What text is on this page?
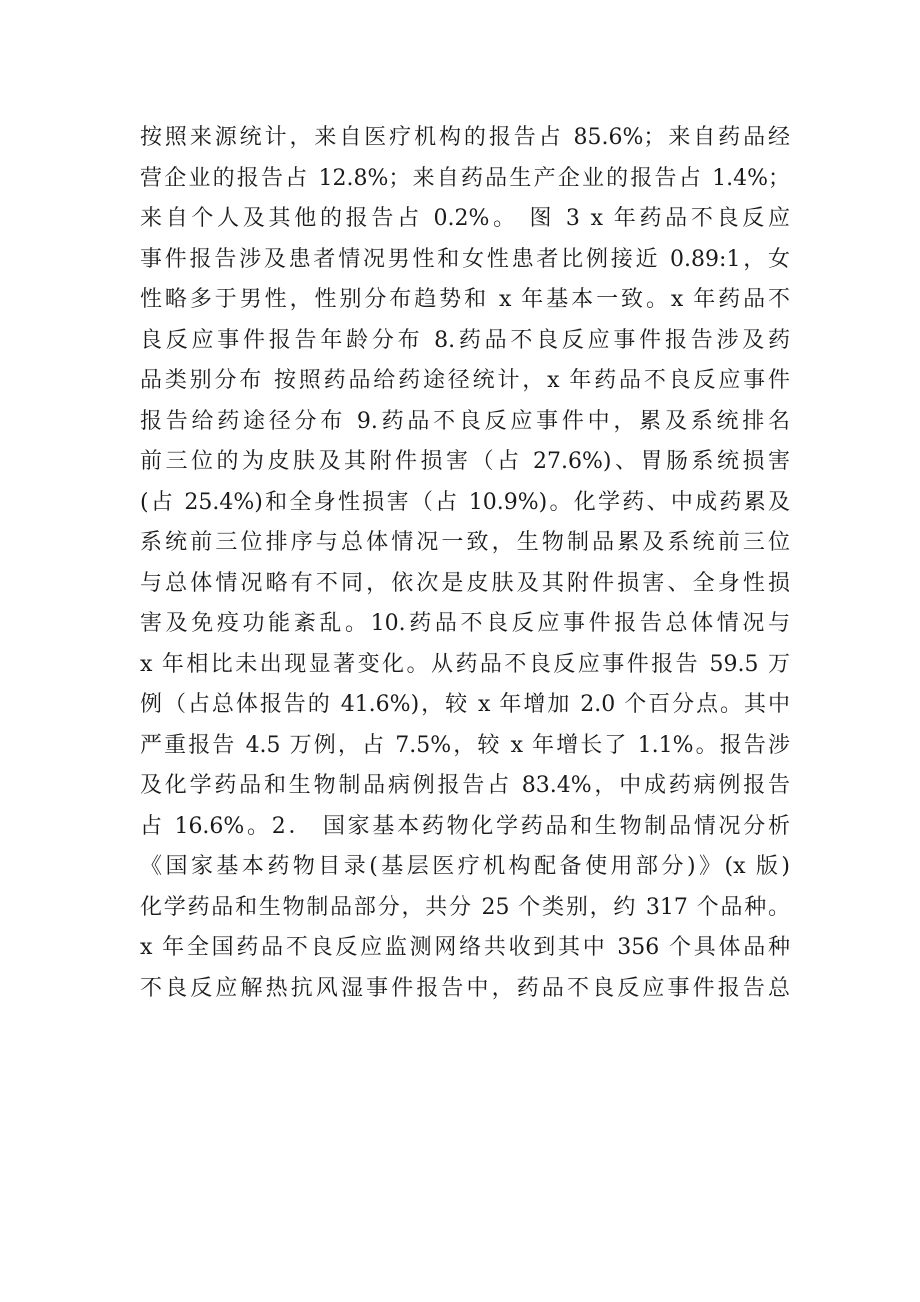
按照来源统计，来自医疗机构的报告占 85.6%；来自药品经
营企业的报告占 12.8%；来自药品生产企业的报告占 1.4%；
来自个人及其他的报告占 0.2%。 图 3 x 年药品不良反应
事件报告涉及患者情况男性和女性患者比例接近 0.89:1，女
性略多于男性，性别分布趋势和 x 年基本一致。x 年药品不
良反应事件报告年龄分布 8.药品不良反应事件报告涉及药
品类别分布 按照药品给药途径统计，x 年药品不良反应事件
报告给药途径分布 9.药品不良反应事件中，累及系统排名
前三位的为皮肤及其附件损害（占 27.6%)、胃肠系统损害
(占 25.4%)和全身性损害（占 10.9%)。化学药、中成药累及
系统前三位排序与总体情况一致，生物制品累及系统前三位
与总体情况略有不同，依次是皮肤及其附件损害、全身性损
害及免疫功能紊乱。10.药品不良反应事件报告总体情况与
x 年相比未出现显著变化。从药品不良反应事件报告 59.5 万
例（占总体报告的 41.6%)，较 x 年增加 2.0 个百分点。其中
严重报告 4.5 万例，占 7.5%，较 x 年增长了 1.1%。报告涉
及化学药品和生物制品病例报告占 83.4%，中成药病例报告
占 16.6%。2． 国家基本药物化学药品和生物制品情况分析
《国家基本药物目录(基层医疗机构配备使用部分)》(x 版)
化学药品和生物制品部分，共分 25 个类别，约 317 个品种。
x 年全国药品不良反应监测网络共收到其中 356 个具体品种
不良反应解热抗风湿事件报告中，药品不良反应事件报告总
